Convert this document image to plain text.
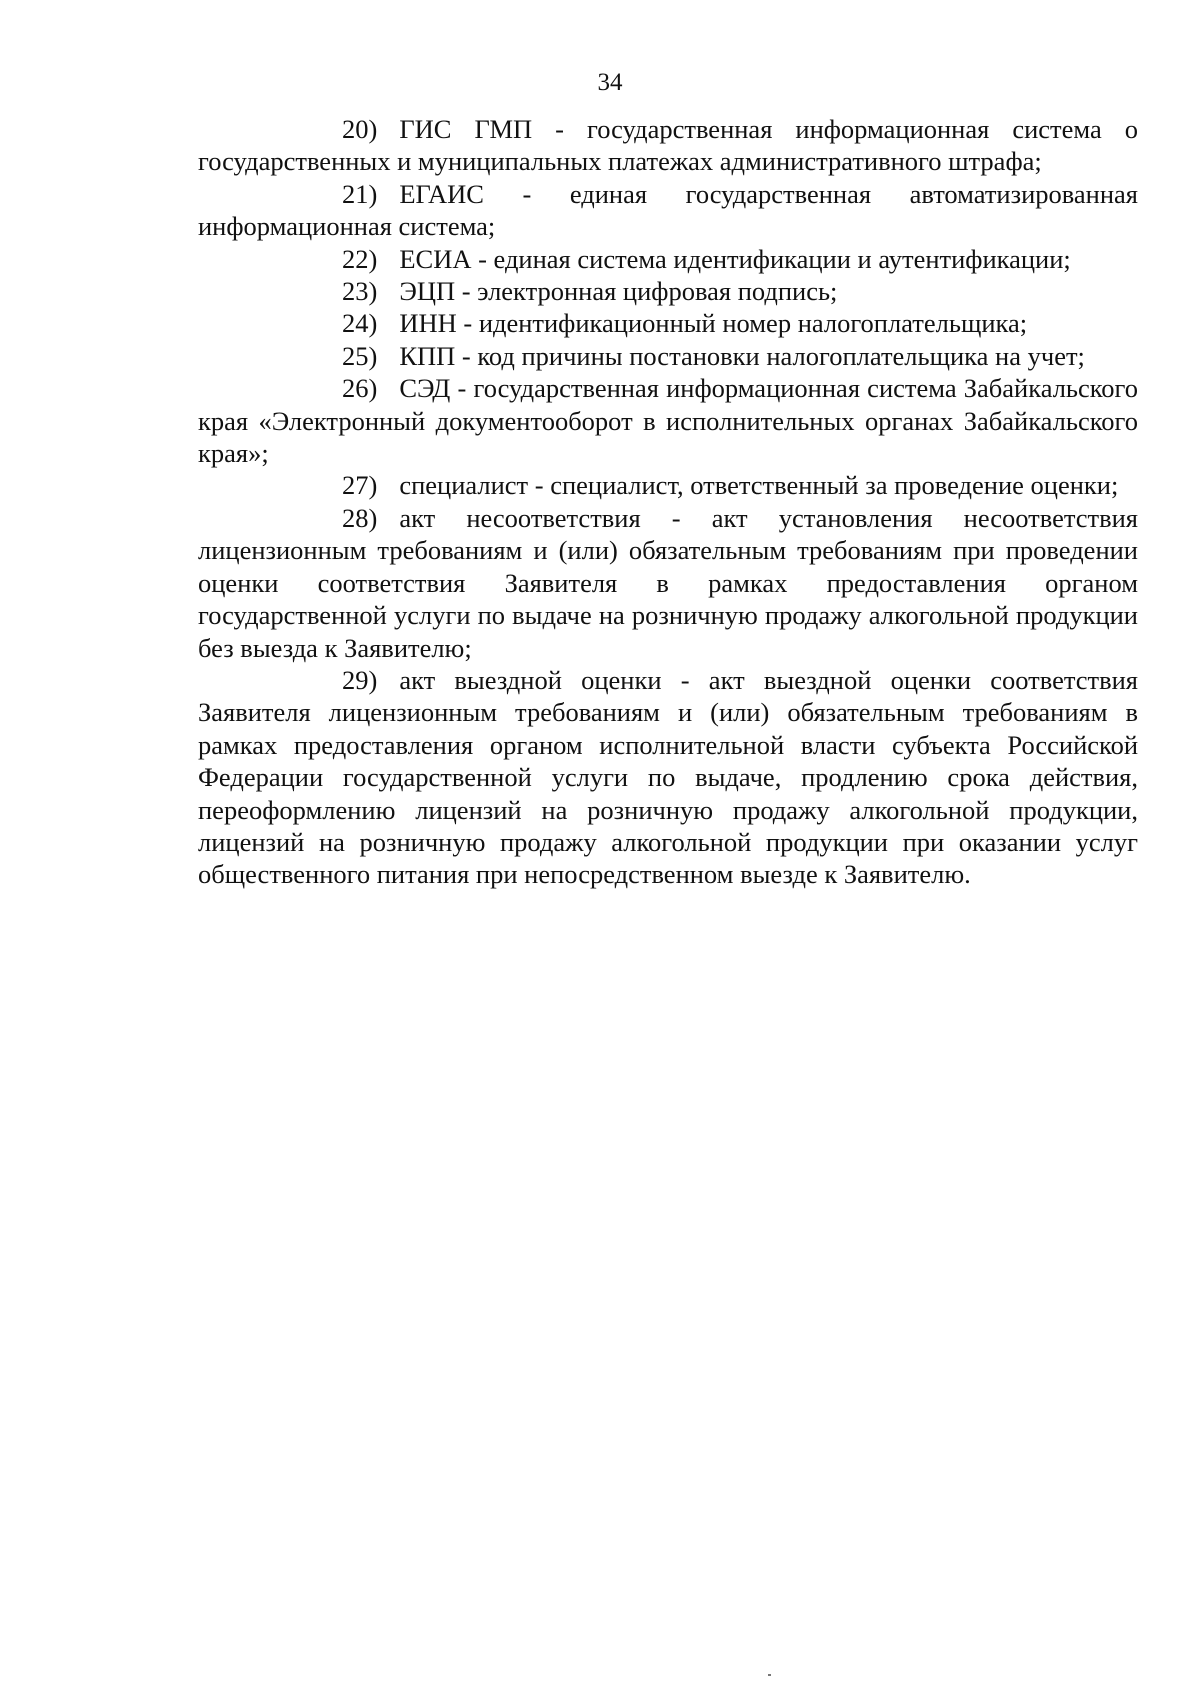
34

20) ГИС ГМП - государственная информационная система о государственных и муниципальных платежах административного штрафа;

21) ЕГАИС - единая государственная автоматизированная информационная система;

22) ЕСИА - единая система идентификации и аутентификации;

23) ЭЦП - электронная цифровая подпись;

24) ИНН - идентификационный номер налогоплательщика;

25) КПП - код причины постановки налогоплательщика на учет;

26) СЭД - государственная информационная система Забайкальского края «Электронный документооборот в исполнительных органах Забайкальского края»;

27) специалист - специалист, ответственный за проведение оценки;

28) акт несоответствия - акт установления несоответствия лицензионным требованиям и (или) обязательным требованиям при проведении оценки соответствия Заявителя в рамках предоставления органом государственной услуги по выдаче на розничную продажу алкогольной продукции без выезда к Заявителю;

29) акт выездной оценки - акт выездной оценки соответствия Заявителя лицензионным требованиям и (или) обязательным требованиям в рамках предоставления органом исполнительной власти субъекта Российской Федерации государственной услуги по выдаче, продлению срока действия, переоформлению лицензий на розничную продажу алкогольной продукции, лицензий на розничную продажу алкогольной продукции при оказании услуг общественного питания при непосредственном выезде к Заявителю.
